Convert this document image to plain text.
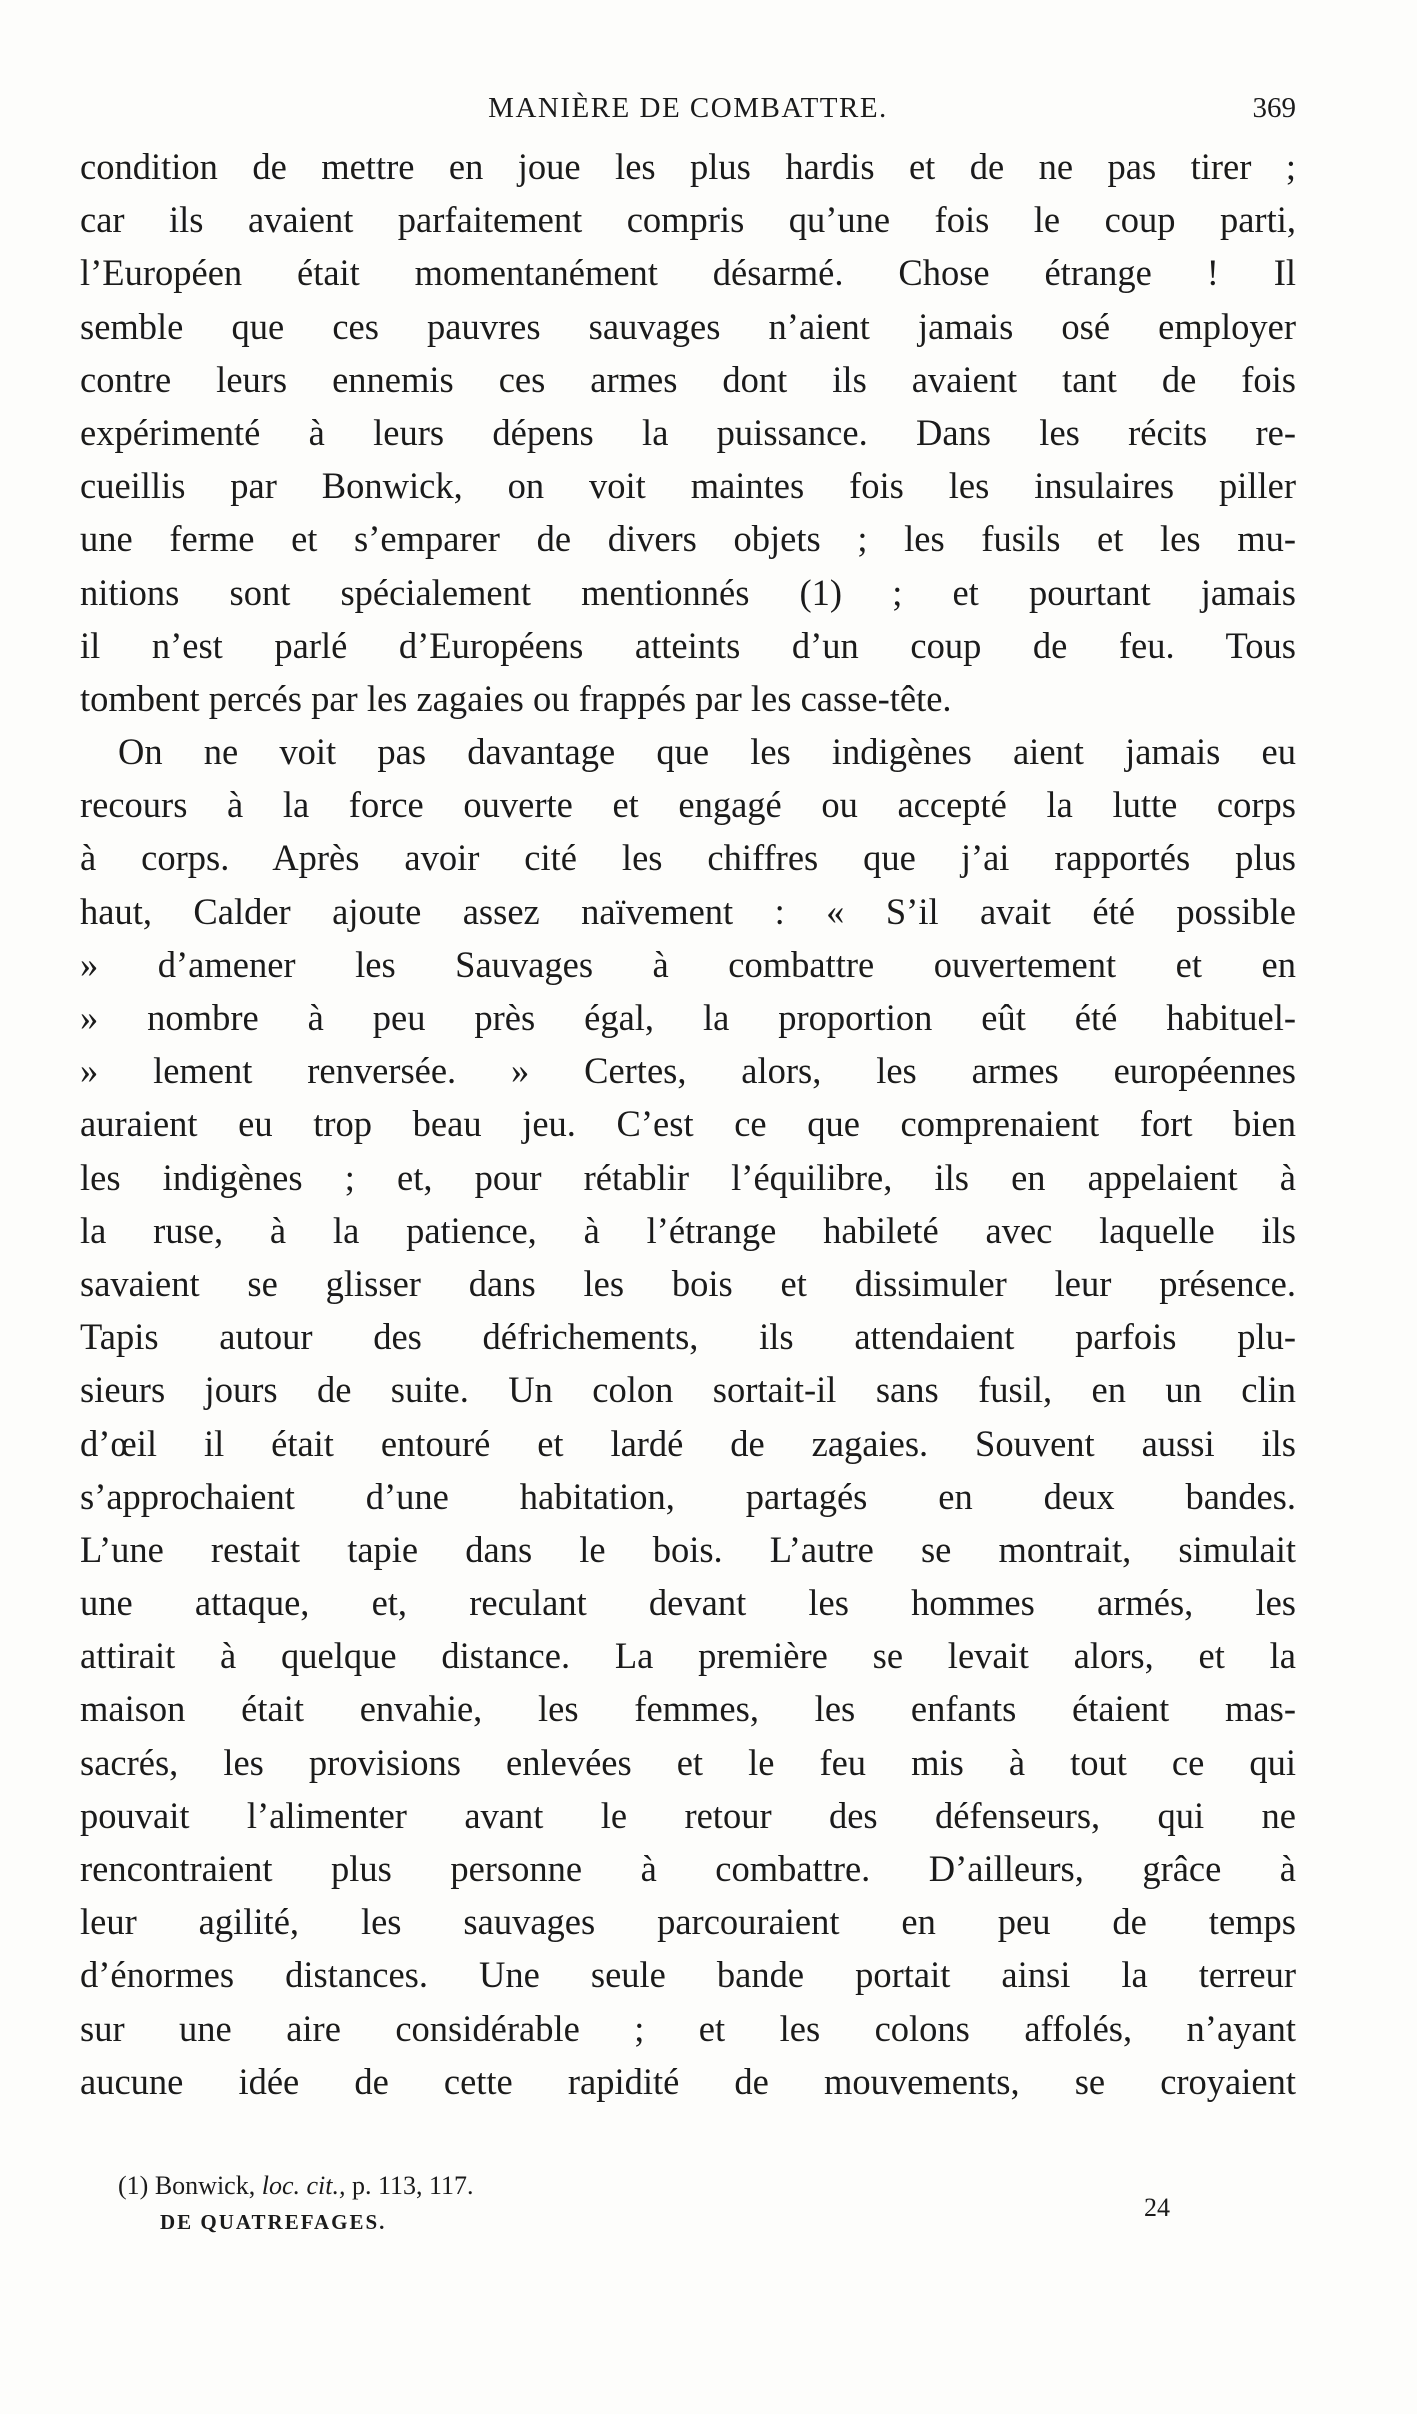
MANIÈRE DE COMBATTRE.	369
condition de mettre en joue les plus hardis et de ne pas tirer ;
car ils avaient parfaitement compris qu’une fois le coup parti,
l’Européen était momentanément désarmé. Chose étrange ! Il
semble que ces pauvres sauvages n’aient jamais osé employer
contre leurs ennemis ces armes dont ils avaient tant de fois
expérimenté à leurs dépens la puissance. Dans les récits re-
cueillis par Bonwick, on voit maintes fois les insulaires piller
une ferme et s’emparer de divers objets ; les fusils et les mu-
nitions sont spécialement mentionnés (1) ; et pourtant jamais
il n’est parlé d’Européens atteints d’un coup de feu. Tous
tombent percés par les zagaies ou frappés par les casse-tête.
On ne voit pas davantage que les indigènes aient jamais eu
recours à la force ouverte et engagé ou accepté la lutte corps
à corps. Après avoir cité les chiffres que j’ai rapportés plus
haut, Calder ajoute assez naïvement : « S’il avait été possible
» d’amener les Sauvages à combattre ouvertement et en
» nombre à peu près égal, la proportion eût été habituel-
» lement renversée. » Certes, alors, les armes européennes
auraient eu trop beau jeu. C’est ce que comprenaient fort bien
les indigènes ; et, pour rétablir l’équilibre, ils en appelaient à
la ruse, à la patience, à l’étrange habileté avec laquelle ils
savaient se glisser dans les bois et dissimuler leur présence.
Tapis autour des défrichements, ils attendaient parfois plu-
sieurs jours de suite. Un colon sortait-il sans fusil, en un clin
d’œil il était entouré et lardé de zagaies. Souvent aussi ils
s’approchaient d’une habitation, partagés en deux bandes.
L’une restait tapie dans le bois. L’autre se montrait, simulait
une attaque, et, reculant devant les hommes armés, les
attirait à quelque distance. La première se levait alors, et la
maison était envahie, les femmes, les enfants étaient mas-
sacrés, les provisions enlevées et le feu mis à tout ce qui
pouvait l’alimenter avant le retour des défenseurs, qui ne
rencontraient plus personne à combattre. D’ailleurs, grâce à
leur agilité, les sauvages parcouraient en peu de temps
d’énormes distances. Une seule bande portait ainsi la terreur
sur une aire considérable ; et les colons affolés, n’ayant
aucune idée de cette rapidité de mouvements, se croyaient
(1) Bonwick, loc. cit., p. 113, 117.
DE QUATREFAGES.	24
